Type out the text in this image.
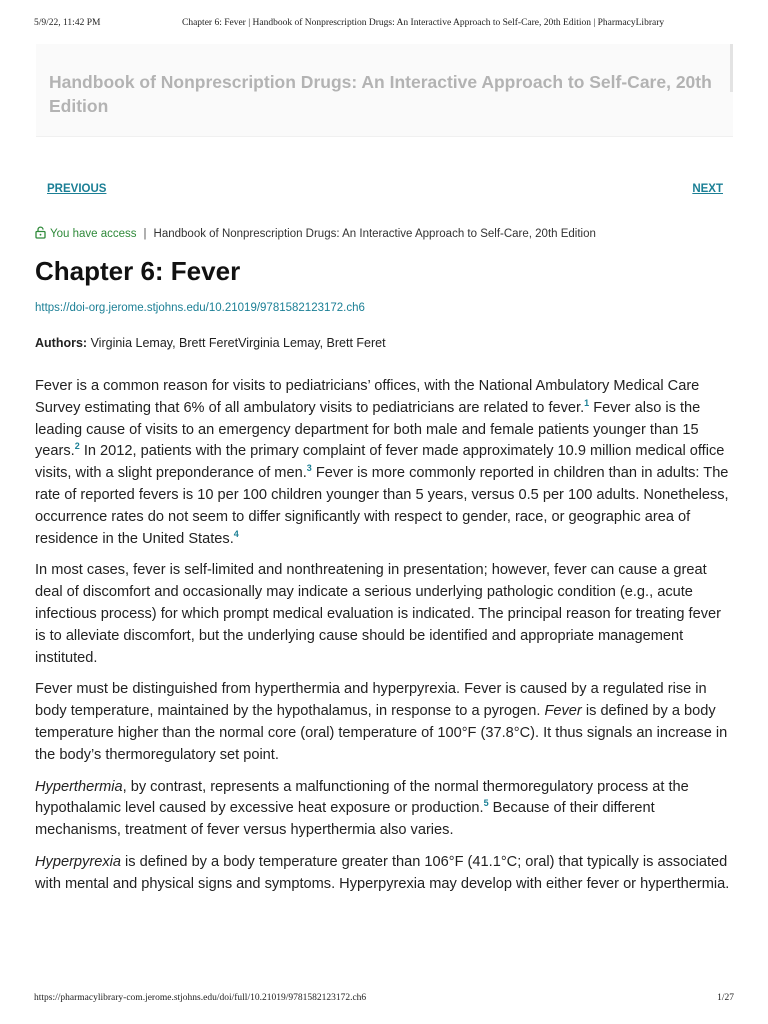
5/9/22, 11:42 PM	Chapter 6: Fever | Handbook of Nonprescription Drugs: An Interactive Approach to Self-Care, 20th Edition | PharmacyLibrary
Handbook of Nonprescription Drugs: An Interactive Approach to Self-Care, 20th Edition
PREVIOUS	NEXT
You have access | Handbook of Nonprescription Drugs: An Interactive Approach to Self-Care, 20th Edition
Chapter 6: Fever
https://doi-org.jerome.stjohns.edu/10.21019/9781582123172.ch6
Authors: Virginia Lemay, Brett FeretVirginia Lemay, Brett Feret

Fever is a common reason for visits to pediatricians’ offices, with the National Ambulatory Medical Care Survey estimating that 6% of all ambulatory visits to pediatricians are related to fever.$^1$ Fever also is the leading cause of visits to an emergency department for both male and female patients younger than 15 years.$^2$ In 2012, patients with the primary complaint of fever made approximately 10.9 million medical office visits, with a slight preponderance of men.$^3$ Fever is more commonly reported in children than in adults: The rate of reported fevers is 10 per 100 children younger than 5 years, versus 0.5 per 100 adults. Nonetheless, occurrence rates do not seem to differ significantly with respect to gender, race, or geographic area of residence in the United States.$^4$

In most cases, fever is self-limited and nonthreatening in presentation; however, fever can cause a great deal of discomfort and occasionally may indicate a serious underlying pathologic condition (e.g., acute infectious process) for which prompt medical evaluation is indicated. The principal reason for treating fever is to alleviate discomfort, but the underlying cause should be identified and appropriate management instituted.

Fever must be distinguished from hyperthermia and hyperpyrexia. Fever is caused by a regulated rise in body temperature, maintained by the hypothalamus, in response to a pyrogen. Fever is defined by a body temperature higher than the normal core (oral) temperature of 100°F (37.8°C). It thus signals an increase in the body’s thermoregulatory set point.

Hyperthermia, by contrast, represents a malfunctioning of the normal thermoregulatory process at the hypothalamic level caused by excessive heat exposure or production.$^5$ Because of their different mechanisms, treatment of fever versus hyperthermia also varies.

Hyperpyrexia is defined by a body temperature greater than 106°F (41.1°C; oral) that typically is associated with mental and physical signs and symptoms. Hyperpyrexia may develop with either fever or hyperthermia.

https://pharmacylibrary-com.jerome.stjohns.edu/doi/full/10.21019/9781582123172.ch6	1/27
